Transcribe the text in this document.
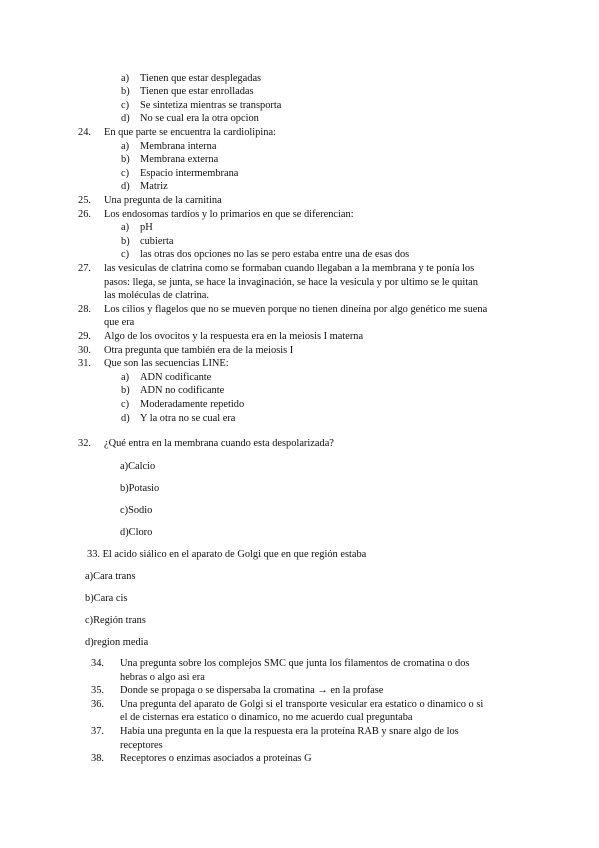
a)	Tienen que estar desplegadas
b) Tienen que estar enrolladas
c)	Se sintetiza mientras se transporta
d) No se cual era la otra opcion
24.	En que parte se encuentra la cardiolipina:
a)	Membrana interna
b) Membrana externa
c)	Espacio intermembrana
d) Matriz
25.	Una pregunta de la carnitina
26.	Los endosomas tardíos y lo primarios en que se diferencian:
a)	pH
b) cubierta
c)	las otras dos opciones no las se pero estaba entre una de esas dos
27.	las vesiculas de clatrina como se formaban cuando llegaban a la membrana y te ponía los
pasos: llega, se junta, se hace la invaginación, se hace la vesicula y por ultimo se le quitan
las moléculas de clatrina.
28.	Los cilios y flagelos que no se mueven porque no tienen dineína por algo genético me suena
que era
29.	Algo de los ovocitos y la respuesta era en la meiosis I materna
30.	Otra pregunta que también era de la meiosis I
31.	Que son las secuencias LINE:
a)	ADN codificante
b) ADN no codificante
c)	Moderadamente repetido
d) Y la otra no se cual era
32.	¿Qué entra en la membrana cuando esta despolarizada?
a)Calcio
b)Potasio
c)Sodio
d)Cloro
33. El acido siálico en el aparato de Golgi que en que región estaba
a)Cara trans
b)Cara cis
c)Región trans
d)region media
34.	Una pregunta sobre los complejos SMC que junta los filamentos de cromatina o dos
hebras o algo asi era
35.	Donde se propaga o se dispersaba la cromatina → en la profase
36.	Una pregunta del aparato de Golgi si el transporte vesicular era estatico o dinamico o si
el de cisternas era estatico o dinamico, no me acuerdo cual preguntaba
37.	Había una pregunta en la que la respuesta era la proteína RAB y snare algo de los
receptores
38.	Receptores o enzimas asociados a proteínas G
